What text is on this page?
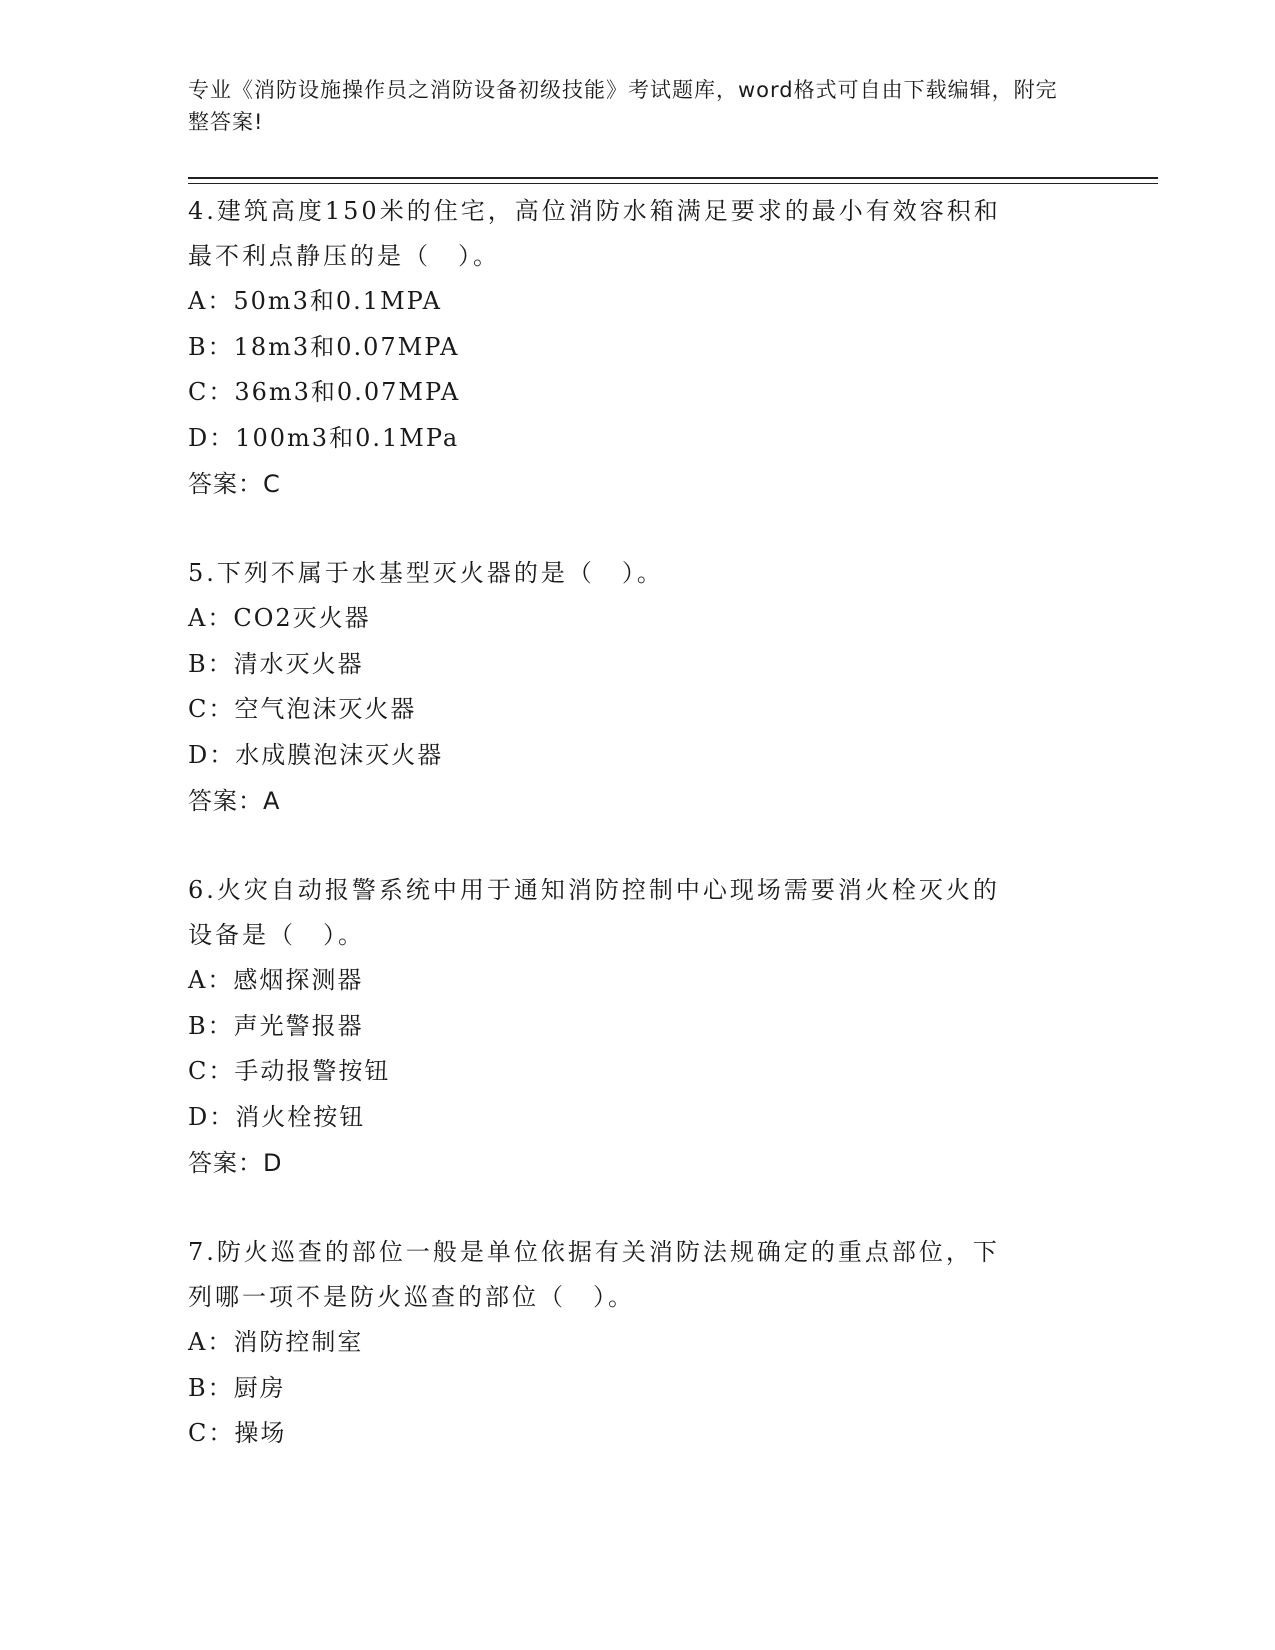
专业《消防设施操作员之消防设备初级技能》考试题库，word格式可自由下载编辑，附完整答案!
4.建筑高度150米的住宅，高位消防水箱满足要求的最小有效容积和
最不利点静压的是（　）。
A：50m3和0.1MPA
B：18m3和0.07MPA
C：36m3和0.07MPA
D：100m3和0.1MPa
答案：C
5.下列不属于水基型灭火器的是（　）。
A：CO2灭火器
B：清水灭火器
C：空气泡沫灭火器
D：水成膜泡沫灭火器
答案：A
6.火灾自动报警系统中用于通知消防控制中心现场需要消火栓灭火的
设备是（　）。
A：感烟探测器
B：声光警报器
C：手动报警按钮
D：消火栓按钮
答案：D
7.防火巡查的部位一般是单位依据有关消防法规确定的重点部位，下
列哪一项不是防火巡查的部位（　）。
A：消防控制室
B：厨房
C：操场
